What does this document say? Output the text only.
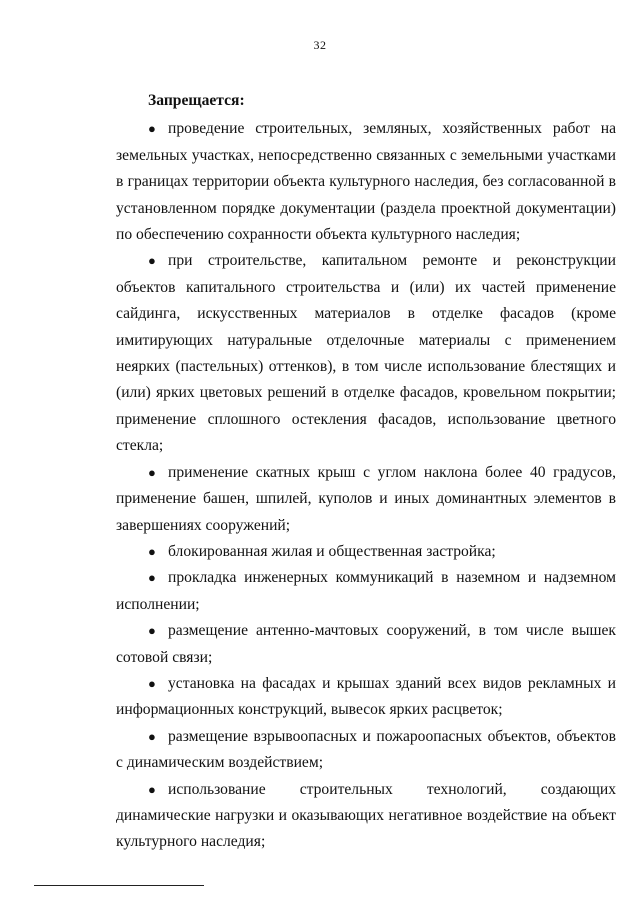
32

Запрещается:

● проведение строительных, земляных, хозяйственных работ на земельных участках, непосредственно связанных с земельными участками в границах территории объекта культурного наследия, без согласованной в установленном порядке документации (раздела проектной документации) по обеспечению сохранности объекта культурного наследия;

● при строительстве, капитальном ремонте и реконструкции объектов капитального строительства и (или) их частей применение сайдинга, искусственных материалов в отделке фасадов (кроме имитирующих натуральные отделочные материалы с применением неярких (пастельных) оттенков), в том числе использование блестящих и (или) ярких цветовых решений в отделке фасадов, кровельном покрытии; применение сплошного остекления фасадов, использование цветного стекла;

● применение скатных крыш с углом наклона более 40 градусов, применение башен, шпилей, куполов и иных доминантных элементов в завершениях сооружений;

● блокированная жилая и общественная застройка;

● прокладка инженерных коммуникаций в наземном и надземном исполнении;

● размещение антенно-мачтовых сооружений, в том числе вышек сотовой связи;

● установка на фасадах и крышах зданий всех видов рекламных и информационных конструкций, вывесок ярких расцветок;

● размещение взрывоопасных и пожароопасных объектов, объектов с динамическим воздействием;

● использование строительных технологий, создающих динамические нагрузки и оказывающих негативное воздействие на объект культурного наследия;
